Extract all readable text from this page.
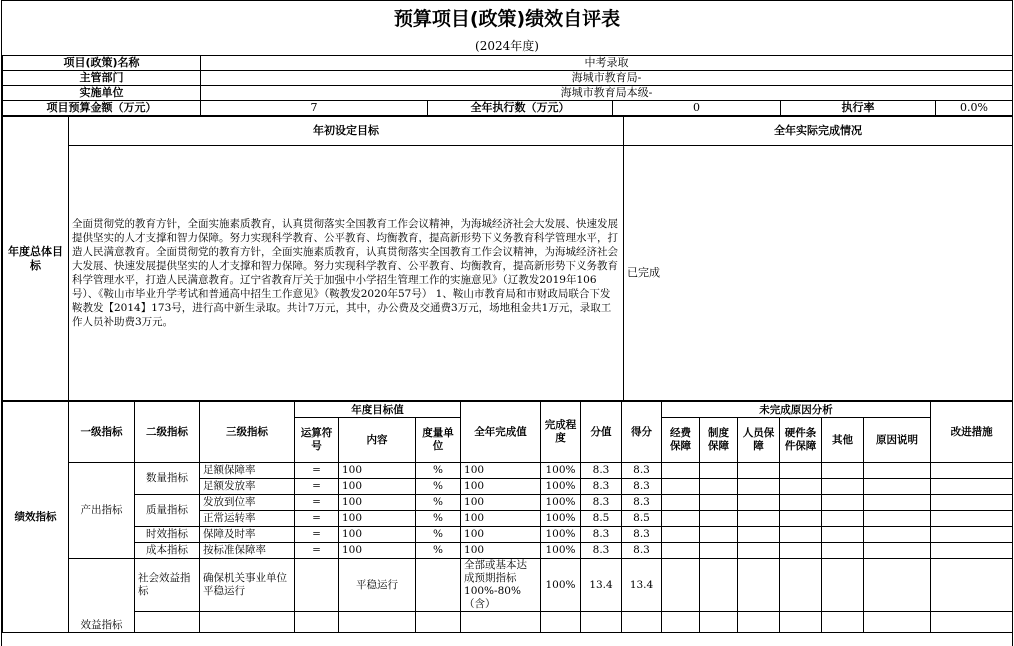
预算项目(政策)绩效自评表
(2024年度)
项目(政策)名称	中考录取				
主管部门	海城市教育局-				
实施单位	海城市教育局本级-				
项目预算金额（万元）	7	全年执行数（万元）	0	执行率	0.0%
年度总体目标	年初设定目标	全年实际完成情况
	全面贯彻党的教育方针，全面实施素质教育，认真贯彻落实全国教育工作会议精神，为海城经济社会大发展、快速发展提供坚实的人才支撑和智力保障。努力实现科学教育、公平教育、均衡教育，提高新形势下义务教育科学管理水平，打造人民满意教育。全面贯彻党的教育方针，全面实施素质教育，认真贯彻落实全国教育工作会议精神，为海城经济社会大发展、快速发展提供坚实的人才支撑和智力保障。努力实现科学教育、公平教育、均衡教育，提高新形势下义务教育科学管理水平，打造人民满意教育。辽宁省教育厅关于加强中小学招生管理工作的实施意见》（辽教发2019年106号）、《鞍山市毕业升学考试和普通高中招生工作意见》（鞍教发2020年57号） 1、鞍山市教育局和市财政局联合下发鞍教发【2014】173号，进行高中新生录取。共计7万元，其中，办公费及交通费3万元，场地租金共1万元，录取工作人员补助费3万元。	已完成
绩效指标	一级指标	二级指标	三级指标	年度目标值			全年完成值	完成程度	分值	得分	未完成原因分析						改进措施
				运算符号	内容	度量单位					经费保障	制度保障	人员保障	硬件条件保障	其他	原因说明	
	产出指标	数量指标	足额保障率	=	100	%	100	100%	8.3	8.3							
			足额发放率	=	100	%	100	100%	8.3	8.3							
		质量指标	发放到位率	=	100	%	100	100%	8.3	8.3							
			正常运转率	=	100	%	100	100%	8.5	8.5							
		时效指标	保障及时率	=	100	%	100	100%	8.3	8.3							
		成本指标	按标准保障率	=	100	%	100	100%	8.3	8.3							
	效益指标	社会效益指标	确保机关事业单位平稳运行		平稳运行		全部或基本达成预期指标100%-80%（含）	100%	13.4	13.4							
